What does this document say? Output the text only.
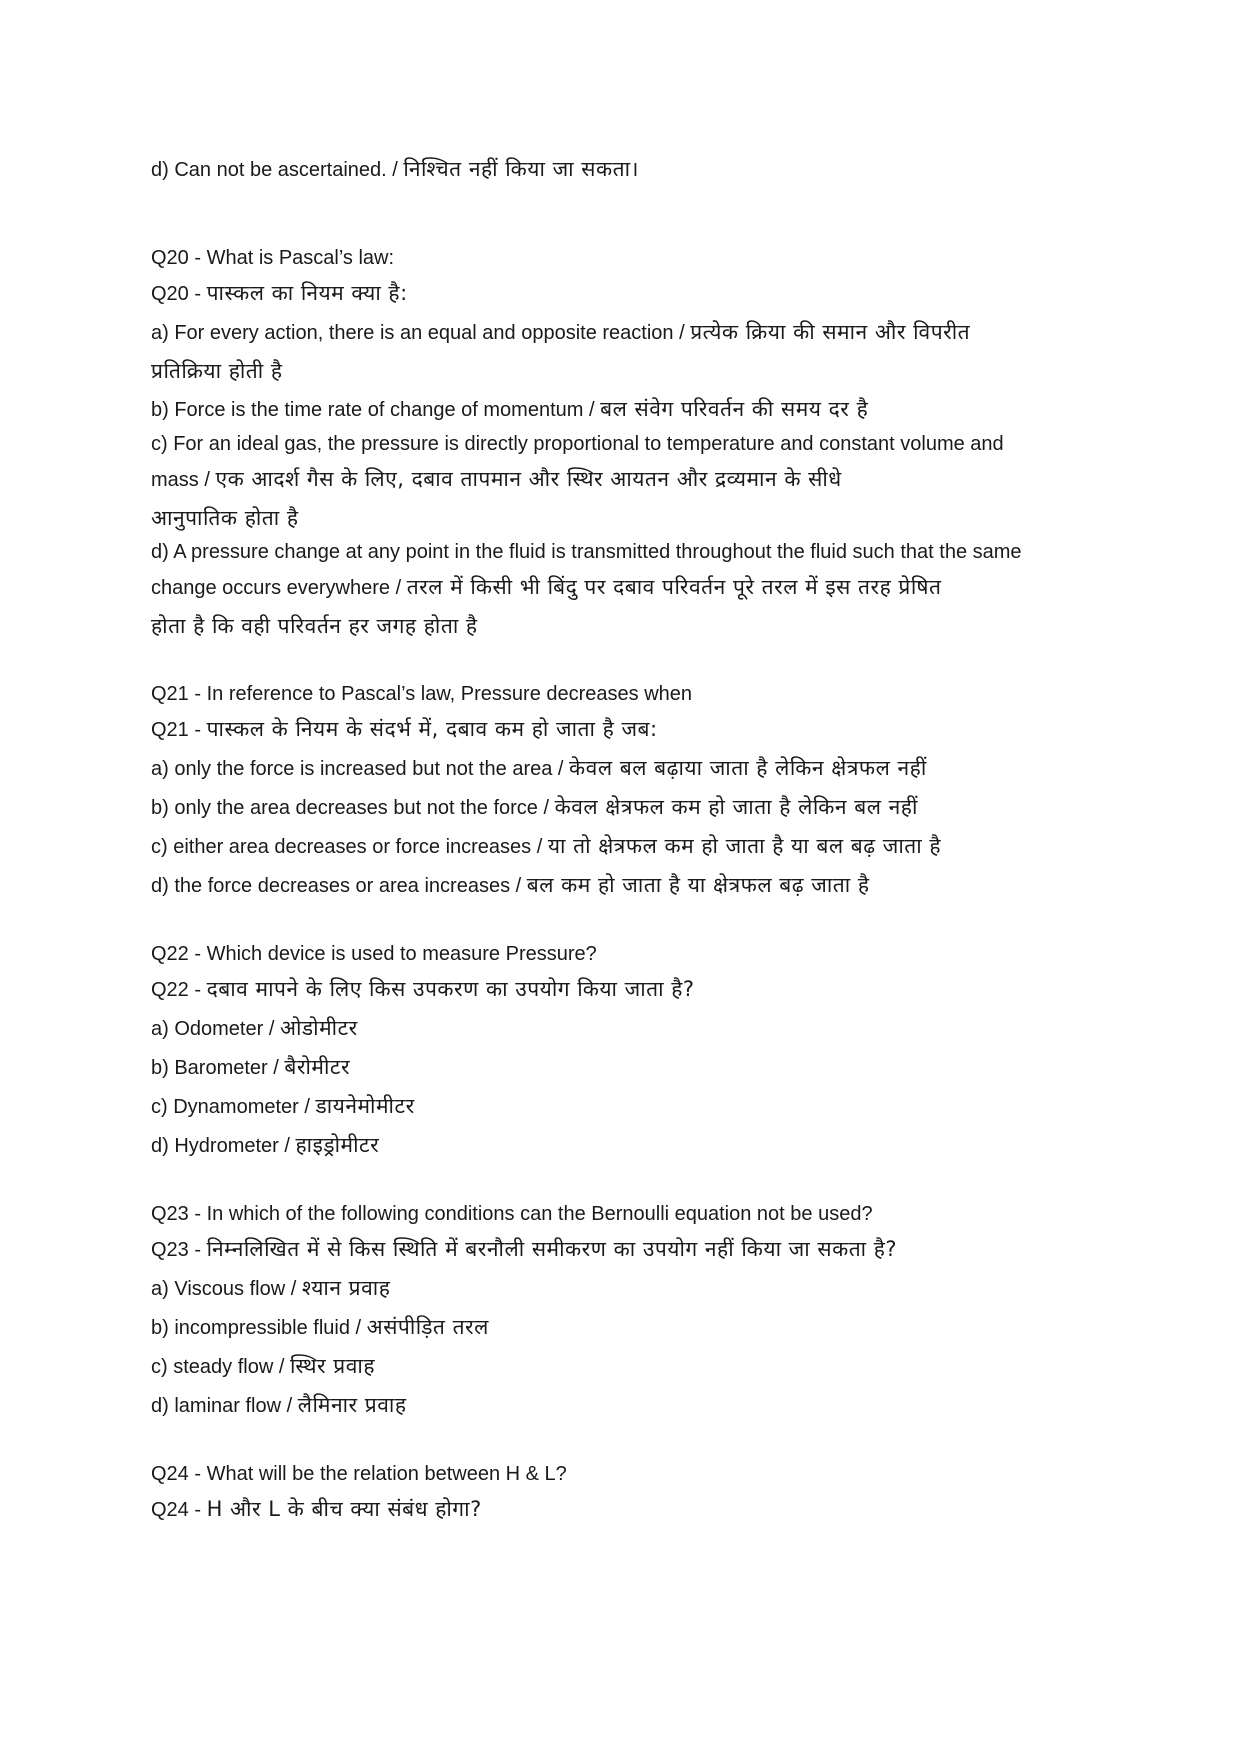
d) Can not be ascertained. / निश्चित नहीं किया जा सकता।
Q20 - What is Pascal’s law:
Q20 - पास्कल का नियम क्या है:
a) For every action, there is an equal and opposite reaction / प्रत्येक क्रिया की समान और विपरीत
प्रतिक्रिया होती है
b) Force is the time rate of change of momentum / बल संवेग परिवर्तन की समय दर है
c) For an ideal gas, the pressure is directly proportional to temperature and constant volume and
mass / एक आदर्श गैस के लिए, दबाव तापमान और स्थिर आयतन और द्रव्यमान के सीधे
आनुपातिक होता है
d) A pressure change at any point in the fluid is transmitted throughout the fluid such that the same
change occurs everywhere / तरल में किसी भी बिंदु पर दबाव परिवर्तन पूरे तरल में इस तरह प्रेषित
होता है कि वही परिवर्तन हर जगह होता है
Q21 - In reference to Pascal’s law, Pressure decreases when
Q21 - पास्कल के नियम के संदर्भ में, दबाव कम हो जाता है जब:
a) only the force is increased but not the area / केवल बल बढ़ाया जाता है लेकिन क्षेत्रफल नहीं
b) only the area decreases but not the force / केवल क्षेत्रफल कम हो जाता है लेकिन बल नहीं
c) either area decreases or force increases / या तो क्षेत्रफल कम हो जाता है या बल बढ़ जाता है
d) the force decreases or area increases / बल कम हो जाता है या क्षेत्रफल बढ़ जाता है
Q22 - Which device is used to measure Pressure?
Q22 - दबाव मापने के लिए किस उपकरण का उपयोग किया जाता है?
a) Odometer / ओडोमीटर
b) Barometer / बैरोमीटर
c) Dynamometer / डायनेमोमीटर
d) Hydrometer / हाइड्रोमीटर
Q23 - In which of the following conditions can the Bernoulli equation not be used?
Q23 - निम्नलिखित में से किस स्थिति में बरनौली समीकरण का उपयोग नहीं किया जा सकता है?
a) Viscous flow / श्यान प्रवाह
b) incompressible fluid / असंपीड़ित तरल
c) steady flow / स्थिर प्रवाह
d) laminar flow / लैमिनार प्रवाह
Q24 - What will be the relation between H & L?
Q24 - H और L के बीच क्या संबंध होगा?
